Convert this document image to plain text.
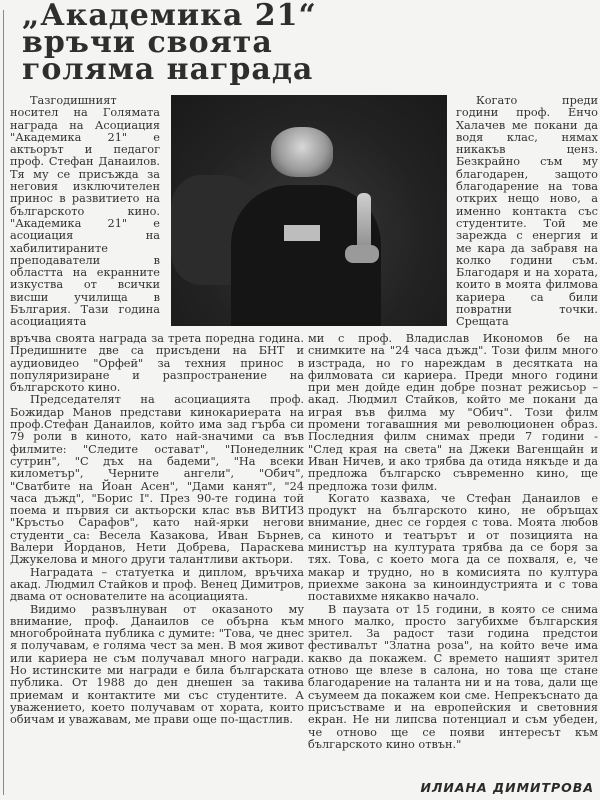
„Академика 21“
връчи своята
голяма награда

Тазгодишният носител на Голямата награда на Асоциация "Академика 21" е актьорът и педагог проф. Стефан Данаилов. Тя му се присъжда за неговия изключителен принос в развитието на българското кино. "Академика 21" е асоциация на хабилитираните преподаватели в областта на екранните изкуства от всички висши училища в България. Тази година асоциацията

връчва своята награда за трета поредна година. Предишните две са присъдени на БНТ и аудиовидео "Орфей" за техния принос в популяризиране и разпространение на българското кино.

Председателят на асоциацията проф. Божидар Манов представи кинокариерата на проф.Стефан Данаилов, който има зад гърба си 79 роли в киното, като най-значими са във филмите: "Следите остават", "Понеделник сутрин", "С дъх на бадеми", "На всеки километър", Черните ангели", "Обич", "Сватбите на Йоан Асен", "Дами канят", "24 часа дъжд", "Борис I". През 90-те година той поема и първия си актьорски клас във ВИТИЗ "Кръстьо Сарафов", като най-ярки негови студенти са: Весела Казакова, Иван Бърнев, Валери Йорданов, Нети Добрева, Параскева Джукелова и много други талантливи актьори.

Наградата – статуетка и диплом, връчиха акад. Людмил Стайков и проф. Венец Димитров, двама от основателите на асоциацията.

Видимо развълнуван от оказаното му внимание, проф. Данаилов се обърна към многобройната публика с думите: "Това, че днес я получавам, е голяма чест за мен. В моя живот или кариера не съм получавал много награди. Но истинските ми награди е била българската публика. От 1988 до ден днешен за такива приемам и контактите ми със студентите. А уважението, което получавам от хората, които обичам и уважавам, ме прави още по-щастлив.

Когато преди години проф. Енчо Халачев ме покани да водя клас, нямах никакъв ценз. Безкрайно съм му благодарен, защото благодарение на това открих нещо ново, а именно контакта със студентите. Той ме зарежда с енергия и ме кара да забравя на колко години съм. Благодаря и на хората, които в моята филмова кариера са били повратни точки. Срещата

ми с проф. Владислав Икономов бе на снимките на "24 часа дъжд". Този филм много изстрада, но го нареждам в десятката на филмовата си кариера. Преди много години при мен дойде един добре познат режисьор – акад. Людмил Стайков, който ме покани да играя във филма му "Обич". Този филм промени тогавашния ми революционен образ. Последния филм снимах преди 7 години - "След края на света" на Джеки Вагенщайн и Иван Ничев, и ако трябва да отида някъде и да предложа българско съвременно кино, ще предложа този филм.

Когато казваха, че Стефан Данаилов е продукт на българското кино, не обръщах внимание, днес се гордея с това. Моята любов са киното и театърът и от позицията на министър на културата трябва да се боря за тях. Това, с което мога да се похваля, е, че макар и трудно, но в комисията по култура приехме закона за киноиндустрията и с това поставихме някакво начало.

В паузата от 15 години, в която се снима много малко, просто загубихме българския зрител. За радост тази година предстои фестивалът "Златна роза", на който вече има какво да покажем. С времето нашият зрител отново ще влезе в салона, но това ще стане благодарение на таланта ни и на това, дали ще съумеем да покажем кои сме. Непрекъснато да присъстваме и на европейския и световния екран. Не ни липсва потенциал и съм убеден, че отново ще се появи интересът към българското кино отвън."

ИЛИАНА ДИМИТРОВА
